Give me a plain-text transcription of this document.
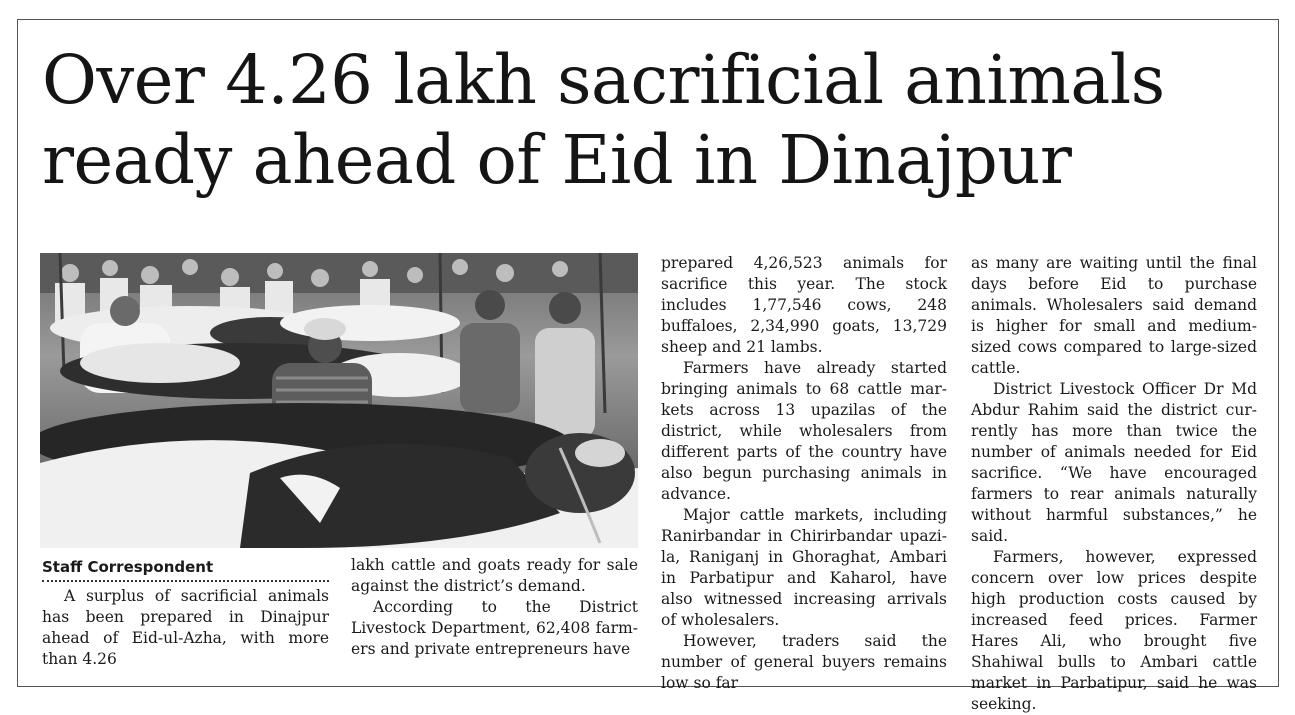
Over 4.26 lakh sacrificial animals
ready ahead of Eid in Dinajpur
Staff Correspondent

A surplus of sacrificial animals has been prepared in Dinajpur ahead of Eid-ul-Azha, with more than 4.26

lakh cattle and goats ready for sale against the district’s demand.

According to the District Livestock Department, 62,408 farmers and private entrepreneurs have

prepared 4,26,523 animals for sacrifice this year. The stock includes 1,77,546 cows, 248 buffaloes, 2,34,990 goats, 13,729 sheep and 21 lambs.

Farmers have already started bringing animals to 68 cattle markets across 13 upazilas of the district, while wholesalers from different parts of the country have also begun purchasing animals in advance.

Major cattle markets, including Ranirbandar in Chirirbandar upazila, Raniganj in Ghoraghat, Ambari in Parbatipur and Kaharol, have also witnessed increasing arrivals of wholesalers.

However, traders said the number of general buyers remains low so far

as many are waiting until the final days before Eid to purchase animals. Wholesalers said demand is higher for small and medium-sized cows compared to large-sized cattle.

District Livestock Officer Dr Md Abdur Rahim said the district currently has more than twice the number of animals needed for Eid sacrifice. “We have encouraged farmers to rear animals naturally without harmful substances,” he said.

Farmers, however, expressed concern over low prices despite high production costs caused by increased feed prices. Farmer Hares Ali, who brought five Shahiwal bulls to Ambari cattle market in Parbatipur, said he was seeking.
